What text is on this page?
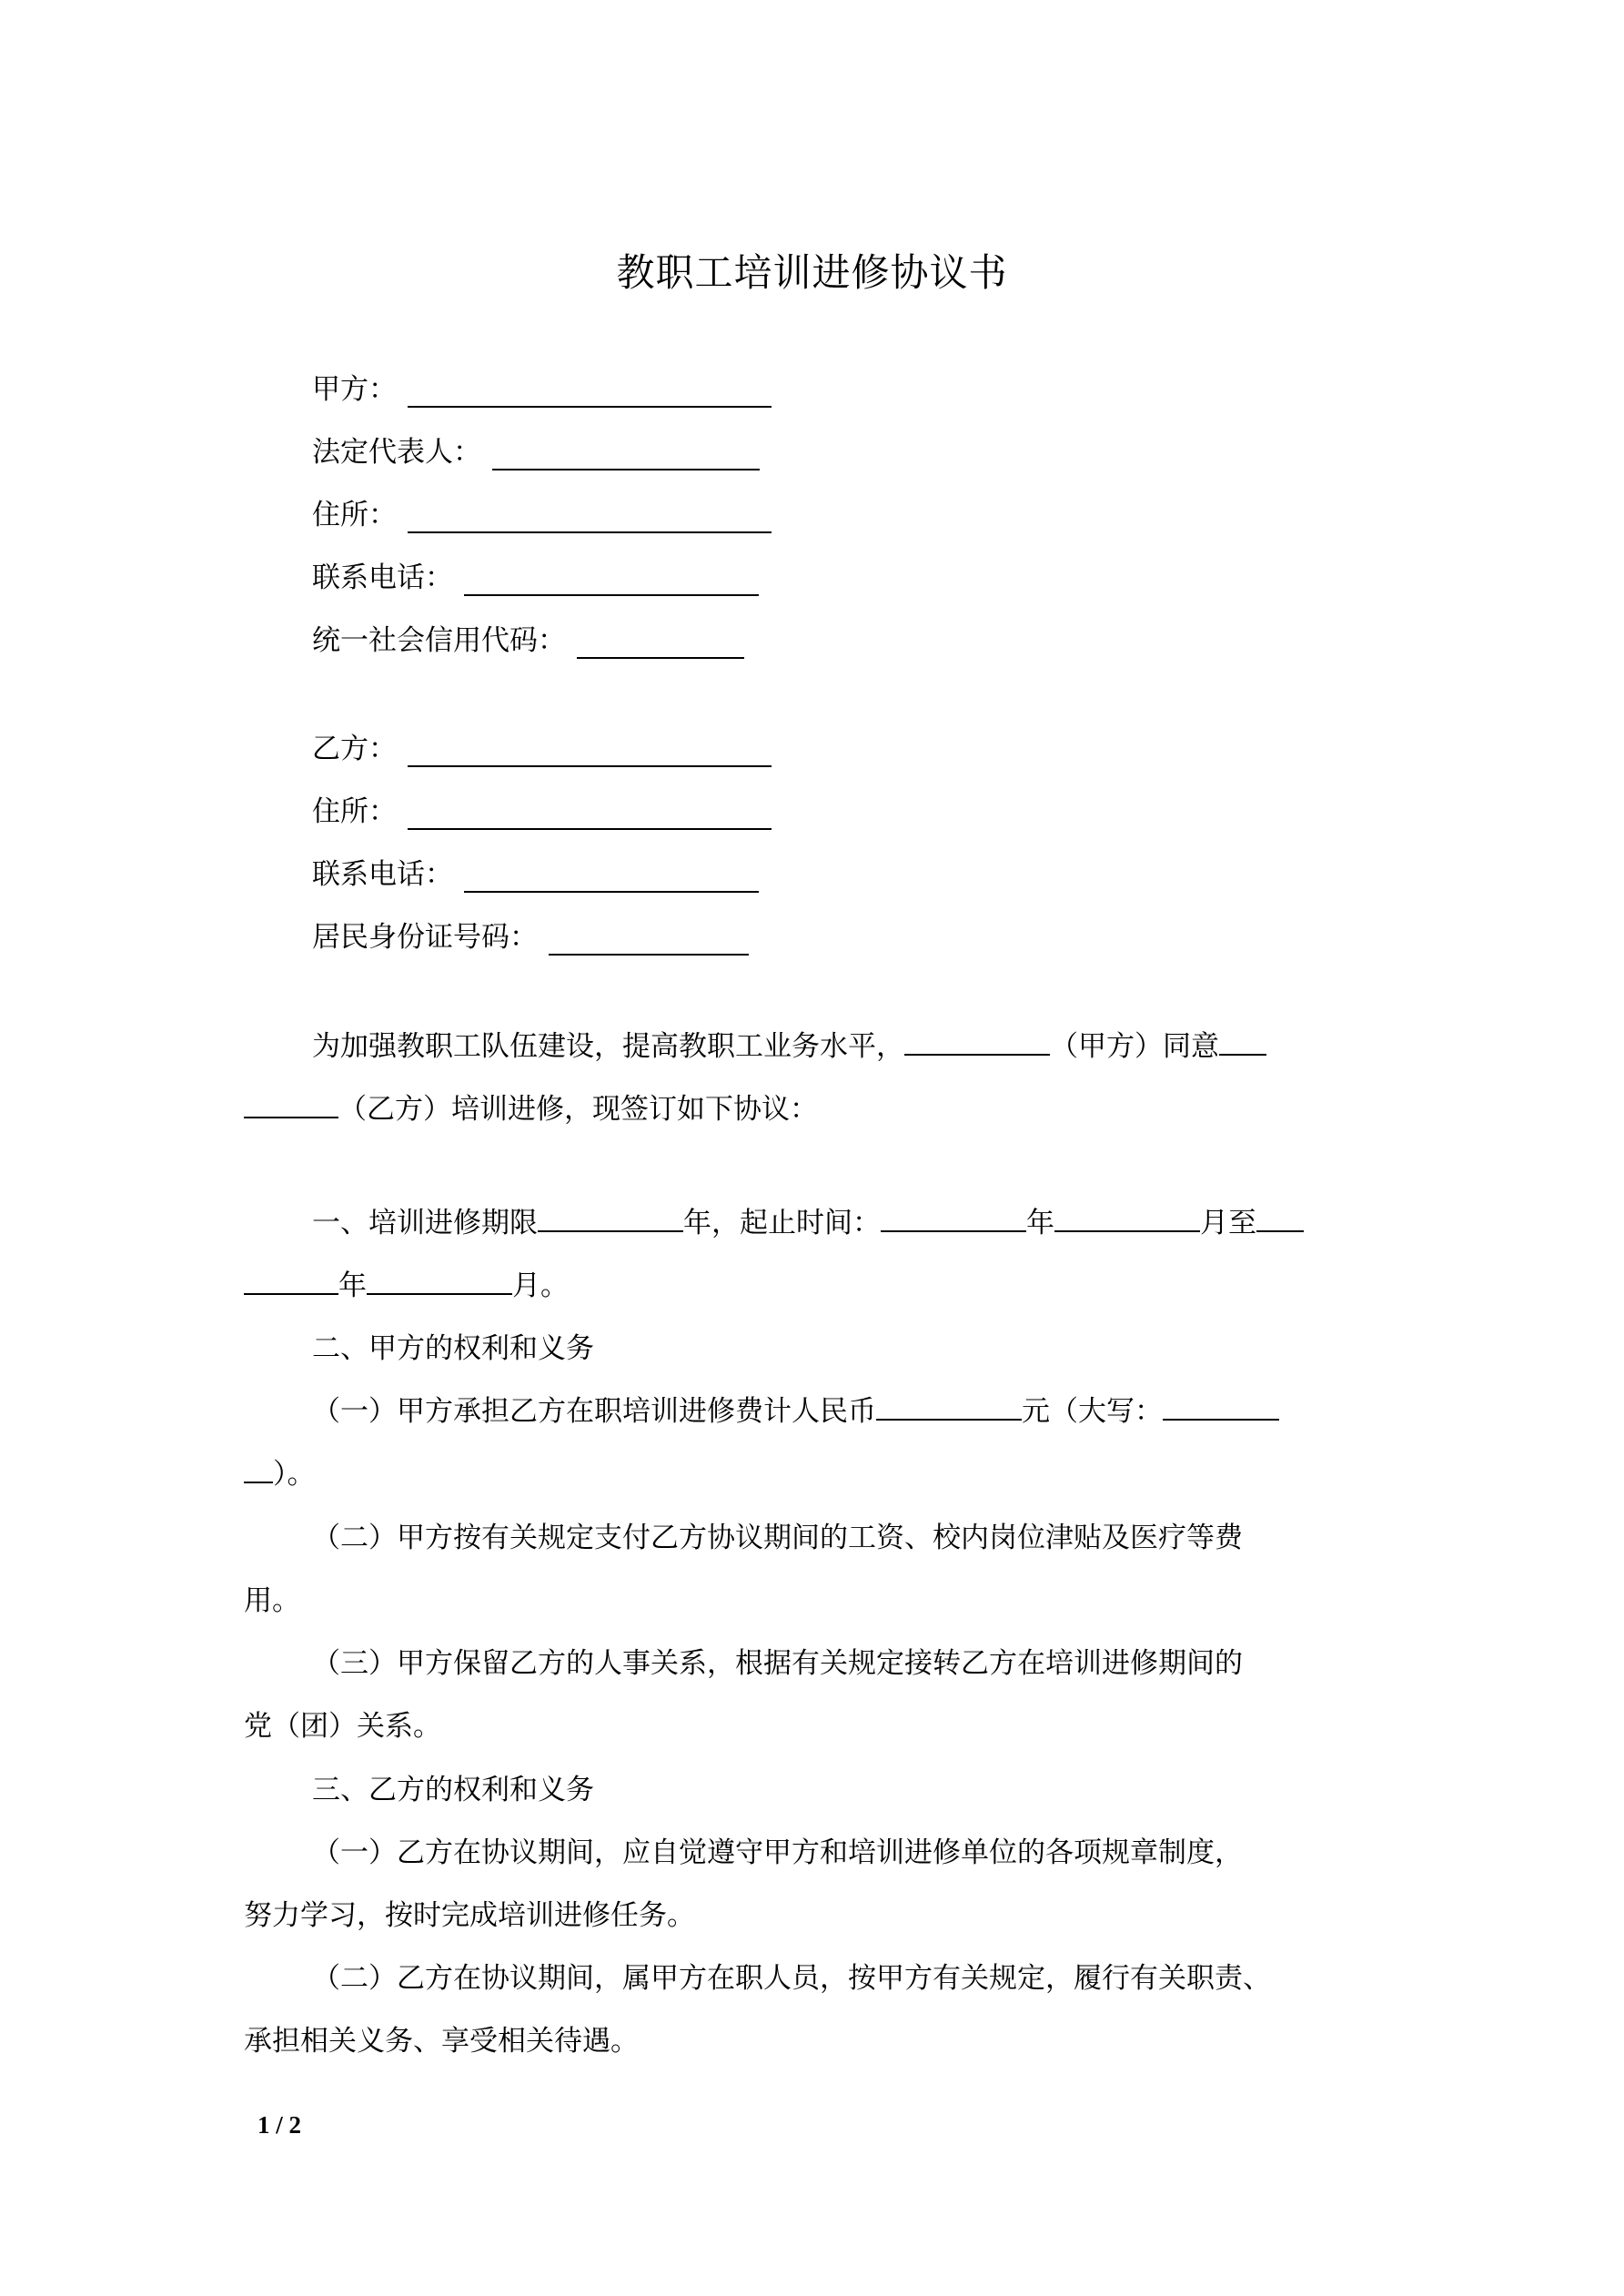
教职工培训进修协议书
甲方：
法定代表人：
住所：
联系电话：
统一社会信用代码：
乙方：
住所：
联系电话：
居民身份证号码：
为加强教职工队伍建设，提高教职工业务水平，	（甲方）同意
（乙方）培训进修，现签订如下协议：
一、培训进修期限	年，起止时间：	年	月至
年	月。
二、甲方的权利和义务
（一）甲方承担乙方在职培训进修费计人民币	元（大写：
）。
（二）甲方按有关规定支付乙方协议期间的工资、校内岗位津贴及医疗等费
用。
（三）甲方保留乙方的人事关系，根据有关规定接转乙方在培训进修期间的
党（团）关系。
三、乙方的权利和义务
（一）乙方在协议期间，应自觉遵守甲方和培训进修单位的各项规章制度，
努力学习，按时完成培训进修任务。
（二）乙方在协议期间，属甲方在职人员，按甲方有关规定，履行有关职责、
承担相关义务、享受相关待遇。
1 / 2
